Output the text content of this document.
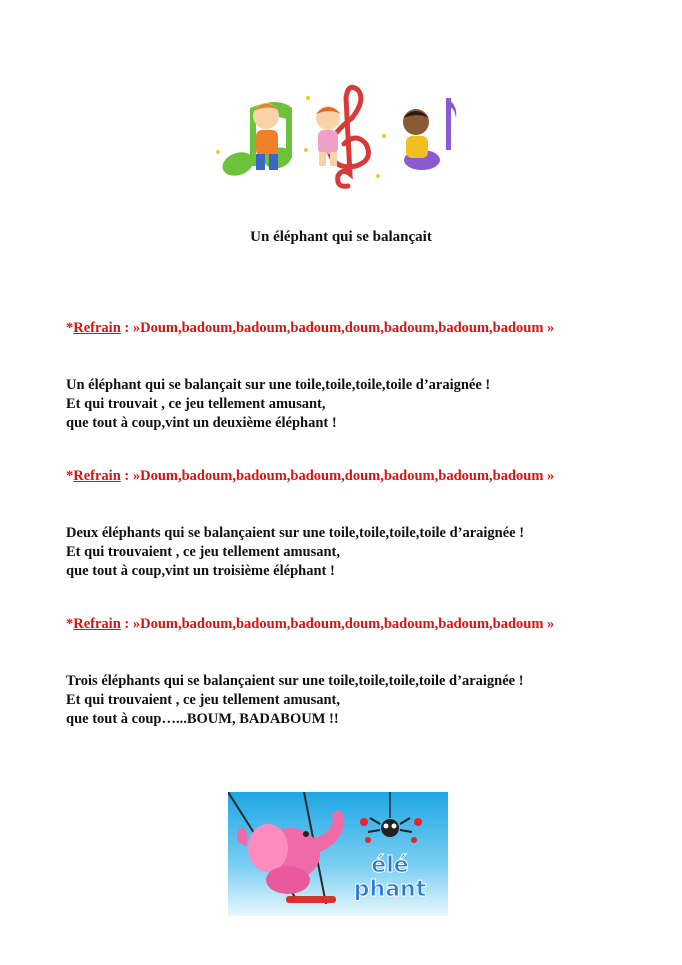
Un éléphant qui se balançait
*Refrain : »Doum,badoum,badoum,badoum,doum,badoum,badoum,badoum »
Un éléphant qui se balançait sur une toile,toile,toile,toile d’araignée !
Et qui trouvait , ce jeu tellement amusant,
que tout à coup,vint un deuxième éléphant !
*Refrain : »Doum,badoum,badoum,badoum,doum,badoum,badoum,badoum »
Deux éléphants qui se balançaient sur une toile,toile,toile,toile d’araignée !
Et qui trouvaient , ce jeu tellement amusant,
que tout à coup,vint un troisième éléphant !
*Refrain : »Doum,badoum,badoum,badoum,doum,badoum,badoum,badoum »
Trois éléphants qui se balançaient sur une toile,toile,toile,toile d’araignée !
Et qui trouvaient , ce jeu tellement amusant,
que tout à coup…...BOUM, BADABOUM !!
élé
phant
